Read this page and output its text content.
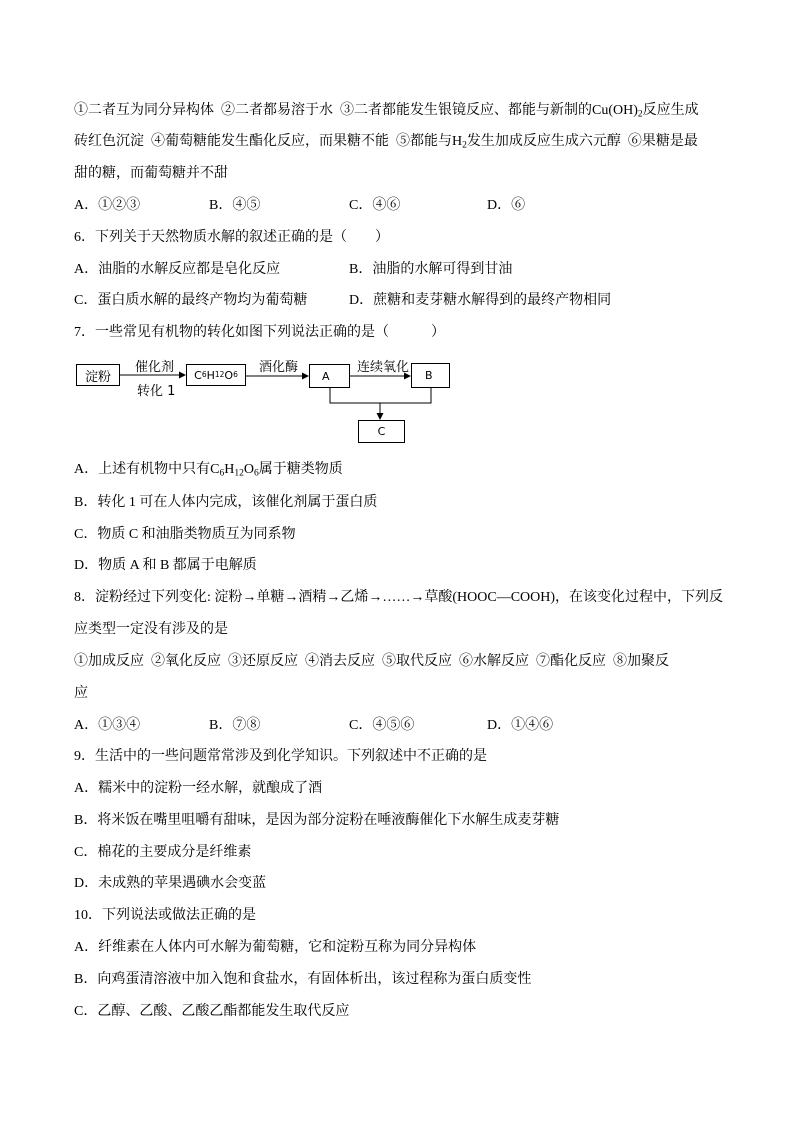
①二者互为同分异构体  ②二者都易溶于水  ③二者都能发生银镜反应、都能与新制的$Cu(OH)_2$反应生成
砖红色沉淀  ④葡萄糖能发生酯化反应，而果糖不能  ⑤都能与$H_2$发生加成反应生成六元醇  ⑥果糖是最
甜的糖，而葡萄糖并不甜
A．①②③	B．④⑤	C．④⑥	D．⑥
6．下列关于天然物质水解的叙述正确的是（　　）
A．油脂的水解反应都是皂化反应	B．油脂的水解可得到甘油
C．蛋白质水解的最终产物均为葡萄糖	D．蔗糖和麦芽糖水解得到的最终产物相同
7．一些常见有机物的转化如图下列说法正确的是（　　　）
淀粉
催化剂
转化 1
C 6 H 12 O 6 酒化酶
A
连续氧化
B
C
A．上述有机物中只有$C_6H_{12}O_6$属于糖类物质
B．转化 1 可在人体内完成，该催化剂属于蛋白质
C．物质 C 和油脂类物质互为同系物
D．物质 A 和 B 都属于电解质
8．淀粉经过下列变化: 淀粉→单糖→酒精→乙烯→……→草酸(HOOC—COOH)，在该变化过程中，下列反
应类型一定没有涉及的是
①加成反应  ②氧化反应  ③还原反应  ④消去反应  ⑤取代反应  ⑥水解反应  ⑦酯化反应  ⑧加聚反
应
A．①③④	B．⑦⑧	C．④⑤⑥	D．①④⑥
9．生活中的一些问题常常涉及到化学知识。下列叙述中不正确的是
A．糯米中的淀粉一经水解，就酿成了酒
B．将米饭在嘴里咀嚼有甜味，是因为部分淀粉在唾液酶催化下水解生成麦芽糖
C．棉花的主要成分是纤维素
D．未成熟的苹果遇碘水会变蓝
10．下列说法或做法正确的是
A．纤维素在人体内可水解为葡萄糖，它和淀粉互称为同分异构体
B．向鸡蛋清溶液中加入饱和食盐水，有固体析出，该过程称为蛋白质变性
C．乙醇、乙酸、乙酸乙酯都能发生取代反应
